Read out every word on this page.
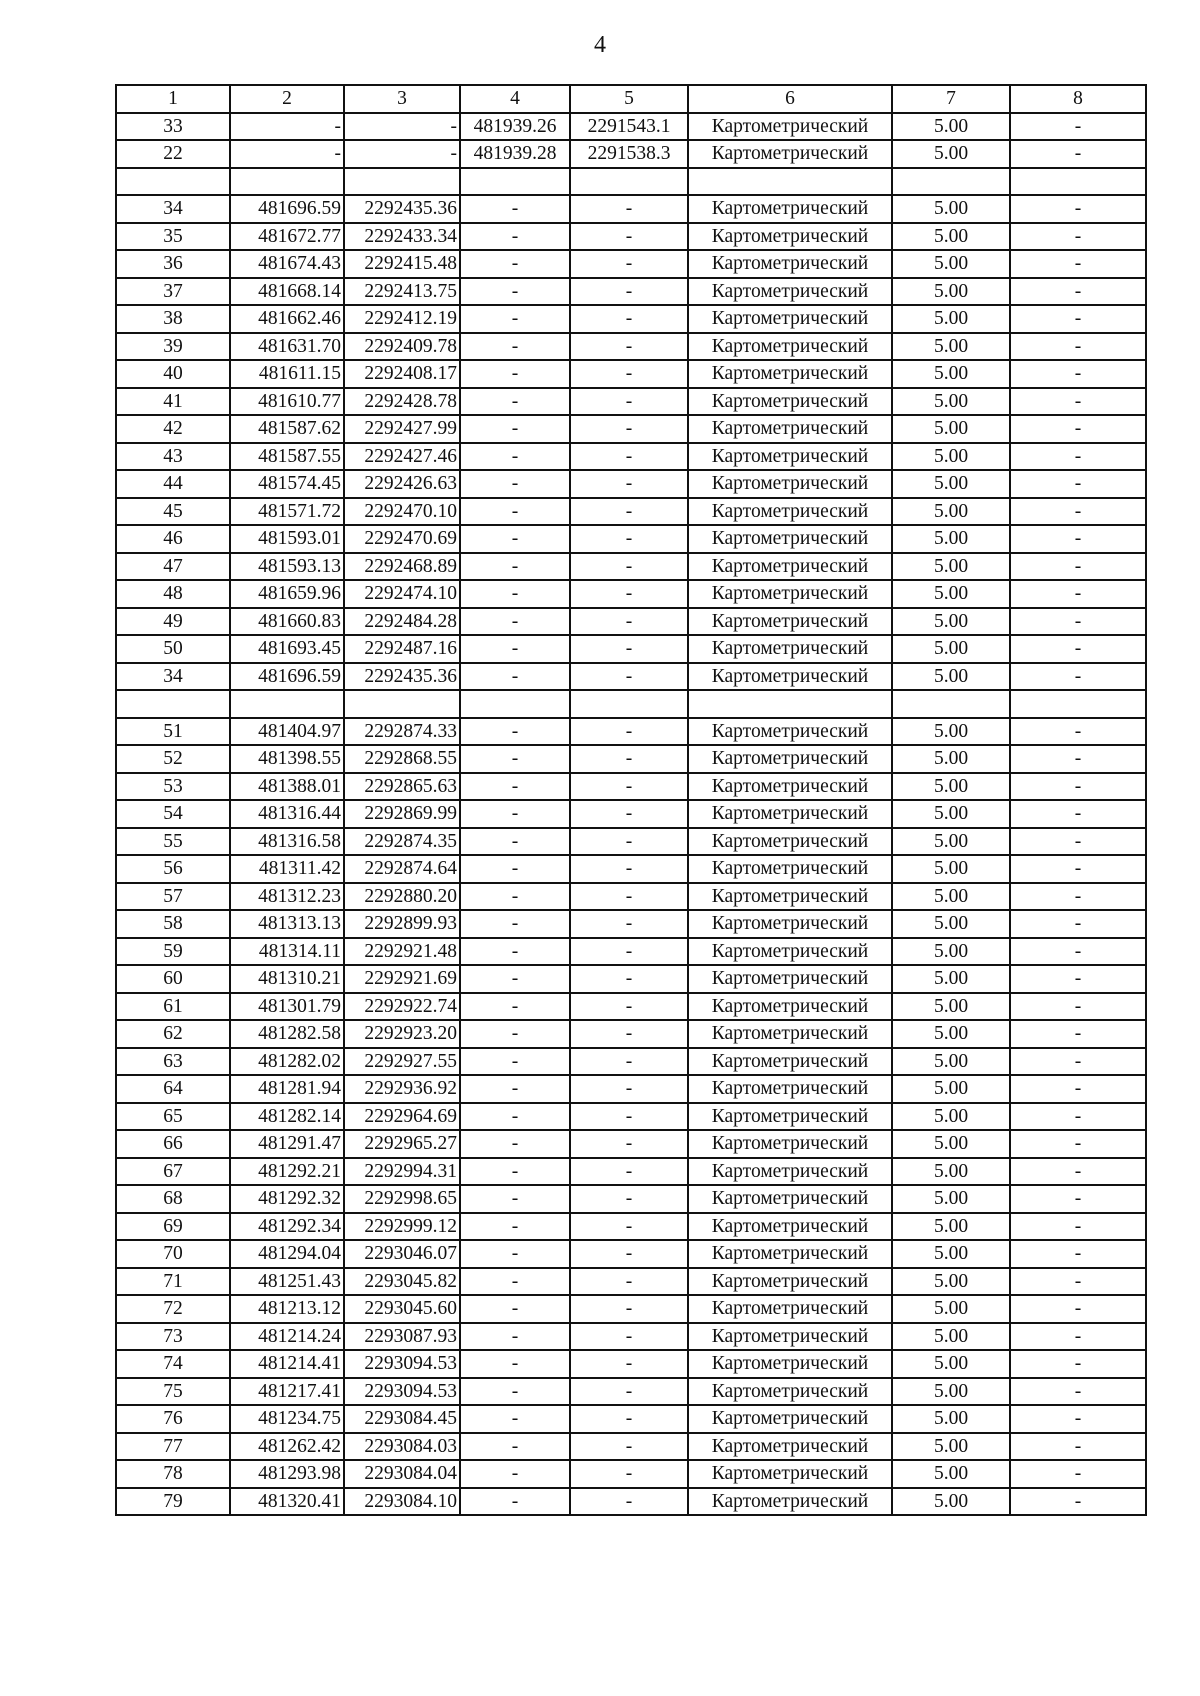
4
1	2	3	4	5	6	7	8
33	-	-	481939.26	2291543.1	Картометрический	5.00	-
22	-	-	481939.28	2291538.3	Картометрический	5.00	-

34	481696.59	2292435.36	-	-	Картометрический	5.00	-
35	481672.77	2292433.34	-	-	Картометрический	5.00	-
36	481674.43	2292415.48	-	-	Картометрический	5.00	-
37	481668.14	2292413.75	-	-	Картометрический	5.00	-
38	481662.46	2292412.19	-	-	Картометрический	5.00	-
39	481631.70	2292409.78	-	-	Картометрический	5.00	-
40	481611.15	2292408.17	-	-	Картометрический	5.00	-
41	481610.77	2292428.78	-	-	Картометрический	5.00	-
42	481587.62	2292427.99	-	-	Картометрический	5.00	-
43	481587.55	2292427.46	-	-	Картометрический	5.00	-
44	481574.45	2292426.63	-	-	Картометрический	5.00	-
45	481571.72	2292470.10	-	-	Картометрический	5.00	-
46	481593.01	2292470.69	-	-	Картометрический	5.00	-
47	481593.13	2292468.89	-	-	Картометрический	5.00	-
48	481659.96	2292474.10	-	-	Картометрический	5.00	-
49	481660.83	2292484.28	-	-	Картометрический	5.00	-
50	481693.45	2292487.16	-	-	Картометрический	5.00	-
34	481696.59	2292435.36	-	-	Картометрический	5.00	-

51	481404.97	2292874.33	-	-	Картометрический	5.00	-
52	481398.55	2292868.55	-	-	Картометрический	5.00	-
53	481388.01	2292865.63	-	-	Картометрический	5.00	-
54	481316.44	2292869.99	-	-	Картометрический	5.00	-
55	481316.58	2292874.35	-	-	Картометрический	5.00	-
56	481311.42	2292874.64	-	-	Картометрический	5.00	-
57	481312.23	2292880.20	-	-	Картометрический	5.00	-
58	481313.13	2292899.93	-	-	Картометрический	5.00	-
59	481314.11	2292921.48	-	-	Картометрический	5.00	-
60	481310.21	2292921.69	-	-	Картометрический	5.00	-
61	481301.79	2292922.74	-	-	Картометрический	5.00	-
62	481282.58	2292923.20	-	-	Картометрический	5.00	-
63	481282.02	2292927.55	-	-	Картометрический	5.00	-
64	481281.94	2292936.92	-	-	Картометрический	5.00	-
65	481282.14	2292964.69	-	-	Картометрический	5.00	-
66	481291.47	2292965.27	-	-	Картометрический	5.00	-
67	481292.21	2292994.31	-	-	Картометрический	5.00	-
68	481292.32	2292998.65	-	-	Картометрический	5.00	-
69	481292.34	2292999.12	-	-	Картометрический	5.00	-
70	481294.04	2293046.07	-	-	Картометрический	5.00	-
71	481251.43	2293045.82	-	-	Картометрический	5.00	-
72	481213.12	2293045.60	-	-	Картометрический	5.00	-
73	481214.24	2293087.93	-	-	Картометрический	5.00	-
74	481214.41	2293094.53	-	-	Картометрический	5.00	-
75	481217.41	2293094.53	-	-	Картометрический	5.00	-
76	481234.75	2293084.45	-	-	Картометрический	5.00	-
77	481262.42	2293084.03	-	-	Картометрический	5.00	-
78	481293.98	2293084.04	-	-	Картометрический	5.00	-
79	481320.41	2293084.10	-	-	Картометрический	5.00	-
